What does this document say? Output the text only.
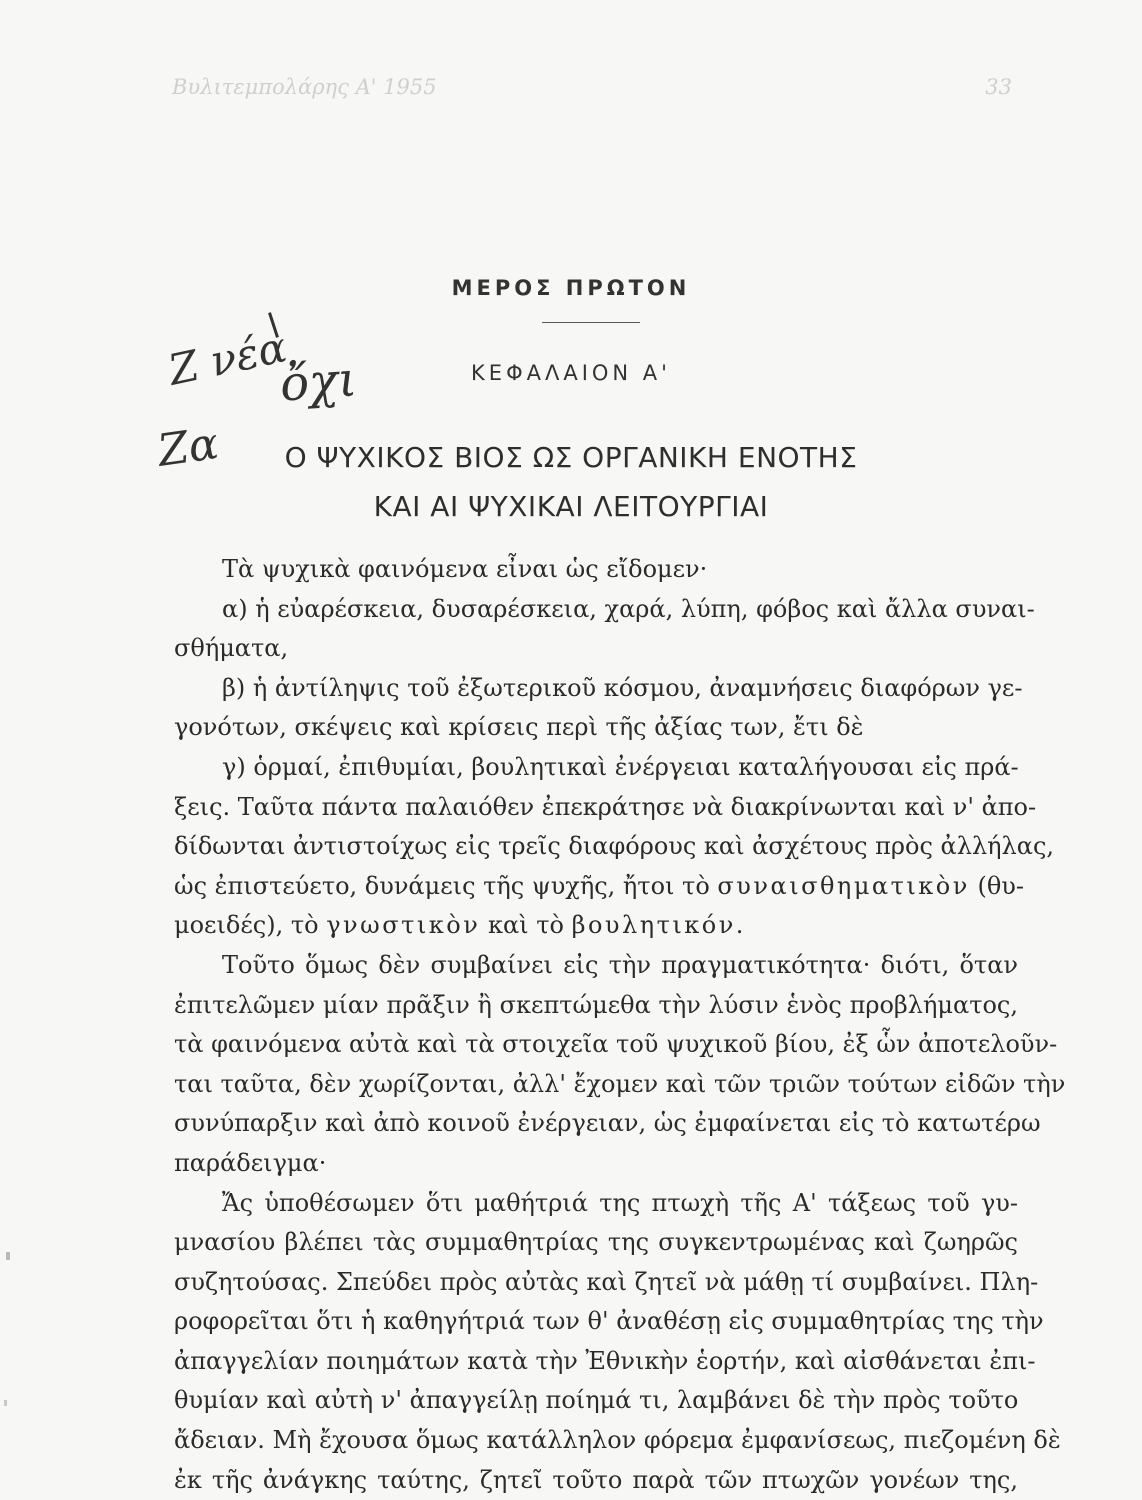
Βυλιτεμπολάρης Α' 1955	33
ΜΕΡΟΣ ΠΡΩΤΟΝ
ΚΕΦΑΛΑΙΟΝ Α'
Ζ νέα
ὄχι
Ζα	Ο ΨΥΧΙΚΟΣ ΒΙΟΣ ΩΣ ΟΡΓΑΝΙΚΗ ΕΝΟΤΗΣ
ΚΑΙ ΑΙ ΨΥΧΙΚΑΙ ΛΕΙΤΟΥΡΓΙΑΙ
Τὰ ψυχικὰ φαινόμενα εἶναι ὡς εἴδομεν·
α) ἡ εὐαρέσκεια, δυσαρέσκεια, χαρά, λύπη, φόβος καὶ ἄλλα συναι-
σθήματα,
β) ἡ ἀντίληψις τοῦ ἐξωτερικοῦ κόσμου, ἀναμνήσεις διαφόρων γε-
γονότων, σκέψεις καὶ κρίσεις περὶ τῆς ἀξίας των, ἔτι δὲ
γ) ὁρμαί, ἐπιθυμίαι, βουλητικαὶ ἐνέργειαι καταλήγουσαι εἰς πρά-
ξεις. Ταῦτα πάντα παλαιόθεν ἐπεκράτησε νὰ διακρίνωνται καὶ ν' ἀπο-
δίδωνται ἀντιστοίχως εἰς τρεῖς διαφόρους καὶ ἀσχέτους πρὸς ἀλλήλας,
ὡς ἐπιστεύετο, δυνάμεις τῆς ψυχῆς, ἤτοι τὸ συναισθηματικὸν (θυ-
μοειδές), τὸ γνωστικὸν καὶ τὸ βουλητικόν.
Τοῦτο ὅμως δὲν συμβαίνει εἰς τὴν πραγματικότητα· διότι, ὅταν
ἐπιτελῶμεν μίαν πρᾶξιν ἢ σκεπτώμεθα τὴν λύσιν ἑνὸς προβλήματος,
τὰ φαινόμενα αὐτὰ καὶ τὰ στοιχεῖα τοῦ ψυχικοῦ βίου, ἐξ ὧν ἀποτελοῦν-
ται ταῦτα, δὲν χωρίζονται, ἀλλ' ἔχομεν καὶ τῶν τριῶν τούτων εἰδῶν τὴν
συνύπαρξιν καὶ ἀπὸ κοινοῦ ἐνέργειαν, ὡς ἐμφαίνεται εἰς τὸ κατωτέρω
παράδειγμα·
Ἄς ὑποθέσωμεν ὅτι μαθήτριά της πτωχὴ τῆς Α' τάξεως τοῦ γυ-
μνασίου βλέπει τὰς συμμαθητρίας της συγκεντρωμένας καὶ ζωηρῶς
συζητούσας. Σπεύδει πρὸς αὐτὰς καὶ ζητεῖ νὰ μάθῃ τί συμβαίνει. Πλη-
ροφορεῖται ὅτι ἡ καθηγήτριά των θ' ἀναθέσῃ εἰς συμμαθητρίας της τὴν
ἀπαγγελίαν ποιημάτων κατὰ τὴν Ἐθνικὴν ἑορτήν, καὶ αἰσθάνεται ἐπι-
θυμίαν καὶ αὐτὴ ν' ἀπαγγείλῃ ποίημά τι, λαμβάνει δὲ τὴν πρὸς τοῦτο
ἄδειαν. Μὴ ἔχουσα ὅμως κατάλληλον φόρεμα ἐμφανίσεως, πιεζομένη δὲ
ἐκ τῆς ἀνάγκης ταύτης, ζητεῖ τοῦτο παρὰ τῶν πτωχῶν γονέων της,
